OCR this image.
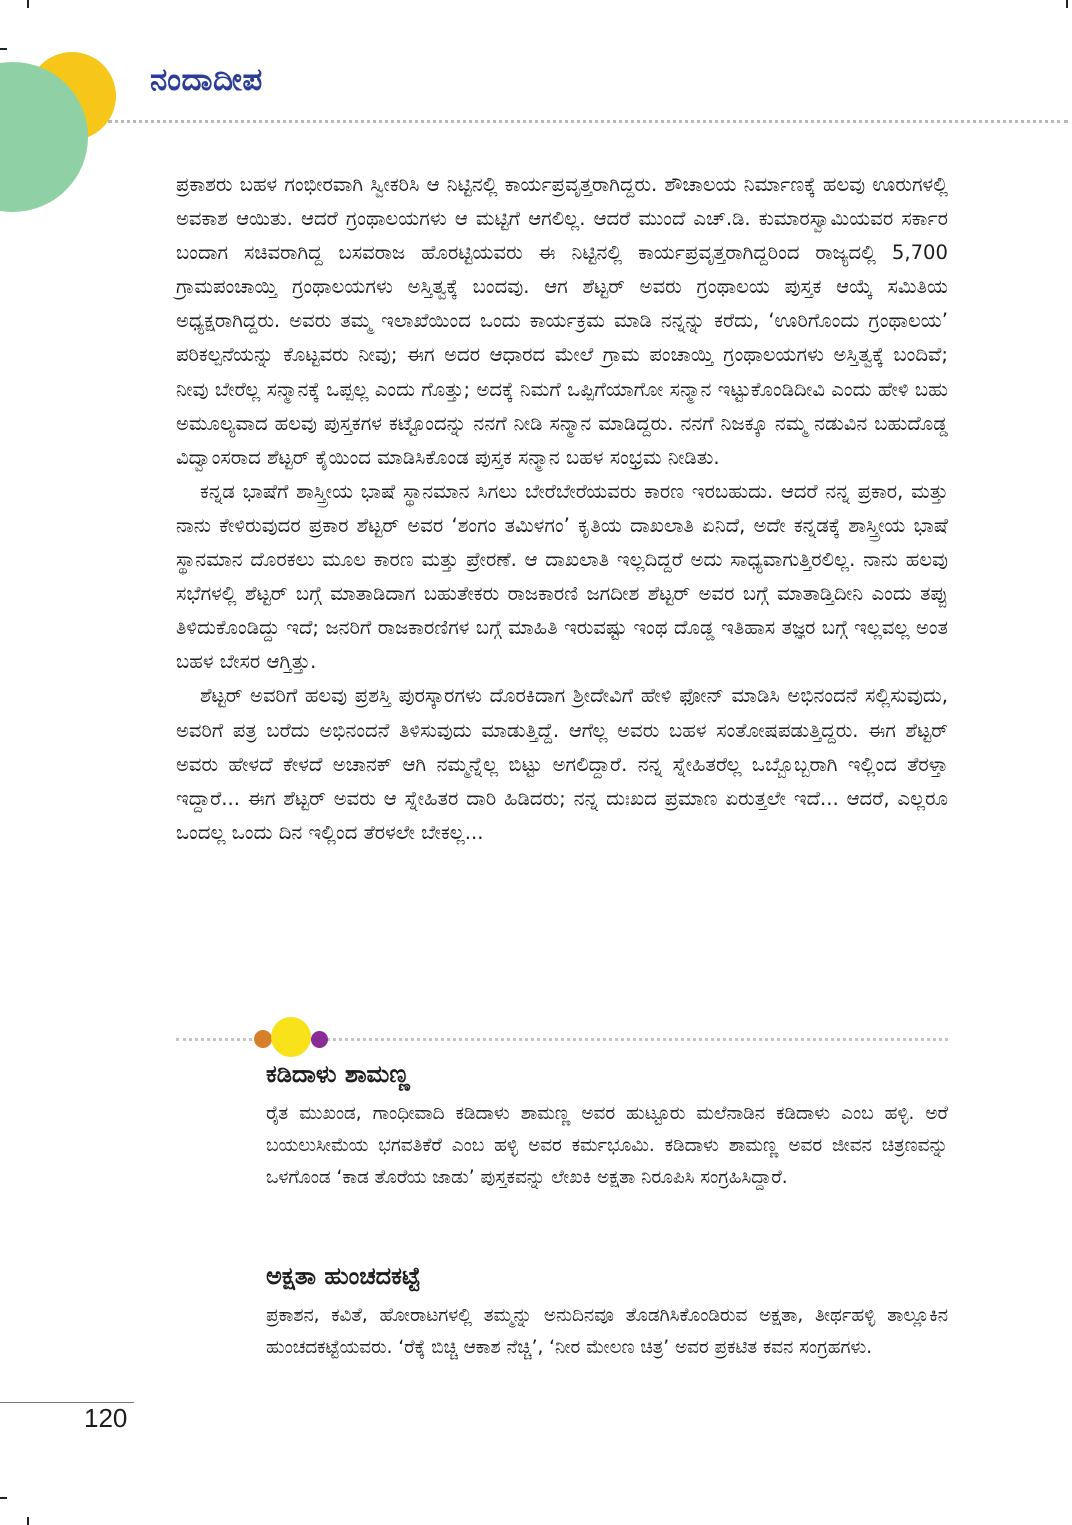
ನಂದಾದೀಪ

ಪ್ರಕಾಶರು ಬಹಳ ಗಂಭೀರವಾಗಿ ಸ್ವೀಕರಿಸಿ ಆ ನಿಟ್ಟಿನಲ್ಲಿ ಕಾರ್ಯಪ್ರವೃತ್ತರಾಗಿದ್ದರು. ಶೌಚಾಲಯ ನಿರ್ಮಾಣಕ್ಕೆ ಹಲವು ಊರುಗಳಲ್ಲಿ ಅವಕಾಶ ಆಯಿತು. ಆದರೆ ಗ್ರಂಥಾಲಯಗಳು ಆ ಮಟ್ಟಿಗೆ ಆಗಲಿಲ್ಲ. ಆದರೆ ಮುಂದೆ ಎಚ್.ಡಿ. ಕುಮಾರಸ್ವಾಮಿಯವರ ಸರ್ಕಾರ ಬಂದಾಗ ಸಚಿವರಾಗಿದ್ದ ಬಸವರಾಜ ಹೊರಟ್ಟಿಯವರು ಈ ನಿಟ್ಟಿನಲ್ಲಿ ಕಾರ್ಯಪ್ರವೃತ್ತರಾಗಿದ್ದರಿಂದ ರಾಜ್ಯದಲ್ಲಿ 5,700 ಗ್ರಾಮಪಂಚಾಯ್ತಿ ಗ್ರಂಥಾಲಯಗಳು ಅಸ್ತಿತ್ವಕ್ಕೆ ಬಂದವು. ಆಗ ಶೆಟ್ಟರ್ ಅವರು ಗ್ರಂಥಾಲಯ ಪುಸ್ತಕ ಆಯ್ಕೆ ಸಮಿತಿಯ ಅಧ್ಯಕ್ಷರಾಗಿದ್ದರು. ಅವರು ತಮ್ಮ ಇಲಾಖೆಯಿಂದ ಒಂದು ಕಾರ್ಯಕ್ರಮ ಮಾಡಿ ನನ್ನನ್ನು ಕರೆದು, ‘ಊರಿಗೊಂದು ಗ್ರಂಥಾಲಯ’ ಪರಿಕಲ್ಪನೆಯನ್ನು ಕೊಟ್ಟವರು ನೀವು; ಈಗ ಅದರ ಆಧಾರದ ಮೇಲೆ ಗ್ರಾಮ ಪಂಚಾಯ್ತಿ ಗ್ರಂಥಾಲಯಗಳು ಅಸ್ತಿತ್ವಕ್ಕೆ ಬಂದಿವೆ; ನೀವು ಬೇರೆಲ್ಲ ಸನ್ಮಾನಕ್ಕೆ ಒಪ್ಪಲ್ಲ ಎಂದು ಗೊತ್ತು; ಅದಕ್ಕೆ ನಿಮಗೆ ಒಪ್ಪಿಗೆಯಾಗೋ ಸನ್ಮಾನ ಇಟ್ಟುಕೊಂಡಿದೀವಿ ಎಂದು ಹೇಳಿ ಬಹು ಅಮೂಲ್ಯವಾದ ಹಲವು ಪುಸ್ತಕಗಳ ಕಟ್ಟೊಂದನ್ನು ನನಗೆ ನೀಡಿ ಸನ್ಮಾನ ಮಾಡಿದ್ದರು. ನನಗೆ ನಿಜಕ್ಕೂ ನಮ್ಮ ನಡುವಿನ ಬಹುದೊಡ್ಡ ವಿದ್ವಾಂಸರಾದ ಶೆಟ್ಟರ್ ಕೈಯಿಂದ ಮಾಡಿಸಿಕೊಂಡ ಪುಸ್ತಕ ಸನ್ಮಾನ ಬಹಳ ಸಂಭ್ರಮ ನೀಡಿತು.

ಕನ್ನಡ ಭಾಷೆಗೆ ಶಾಸ್ತ್ರೀಯ ಭಾಷೆ ಸ್ಥಾನಮಾನ ಸಿಗಲು ಬೇರೆಬೇರೆಯವರು ಕಾರಣ ಇರಬಹುದು. ಆದರೆ ನನ್ನ ಪ್ರಕಾರ, ಮತ್ತು ನಾನು ಕೇಳಿರುವುದರ ಪ್ರಕಾರ ಶೆಟ್ಟರ್ ಅವರ ‘ಶಂಗಂ ತಮಿಳಗಂ’ ಕೃತಿಯ ದಾಖಲಾತಿ ಏನಿದೆ, ಅದೇ ಕನ್ನಡಕ್ಕೆ ಶಾಸ್ತ್ರೀಯ ಭಾಷೆ ಸ್ಥಾನಮಾನ ದೊರಕಲು ಮೂಲ ಕಾರಣ ಮತ್ತು ಪ್ರೇರಣೆ. ಆ ದಾಖಲಾತಿ ಇಲ್ಲದಿದ್ದರೆ ಅದು ಸಾಧ್ಯವಾಗುತ್ತಿರಲಿಲ್ಲ. ನಾನು ಹಲವು ಸಭೆಗಳಲ್ಲಿ ಶೆಟ್ಟರ್ ಬಗ್ಗೆ ಮಾತಾಡಿದಾಗ ಬಹುತೇಕರು ರಾಜಕಾರಣಿ ಜಗದೀಶ ಶೆಟ್ಟರ್ ಅವರ ಬಗ್ಗೆ ಮಾತಾಡ್ತಿದೀನಿ ಎಂದು ತಪ್ಪು ತಿಳಿದುಕೊಂಡಿದ್ದು ಇದೆ; ಜನರಿಗೆ ರಾಜಕಾರಣಿಗಳ ಬಗ್ಗೆ ಮಾಹಿತಿ ಇರುವಷ್ಟು ಇಂಥ ದೊಡ್ಡ ಇತಿಹಾಸ ತಜ್ಞರ ಬಗ್ಗೆ ಇಲ್ಲವಲ್ಲ ಅಂತ ಬಹಳ ಬೇಸರ ಆಗ್ತಿತ್ತು.

ಶೆಟ್ಟರ್ ಅವರಿಗೆ ಹಲವು ಪ್ರಶಸ್ತಿ ಪುರಸ್ಕಾರಗಳು ದೊರಕಿದಾಗ ಶ್ರೀದೇವಿಗೆ ಹೇಳಿ ಫೋನ್ ಮಾಡಿಸಿ ಅಭಿನಂದನೆ ಸಲ್ಲಿಸುವುದು, ಅವರಿಗೆ ಪತ್ರ ಬರೆದು ಅಭಿನಂದನೆ ತಿಳಿಸುವುದು ಮಾಡುತ್ತಿದ್ದೆ. ಆಗೆಲ್ಲ ಅವರು ಬಹಳ ಸಂತೋಷಪಡುತ್ತಿದ್ದರು. ಈಗ ಶೆಟ್ಟರ್ ಅವರು ಹೇಳದೆ ಕೇಳದೆ ಅಚಾನಕ್ ಆಗಿ ನಮ್ಮನ್ನೆಲ್ಲ ಬಿಟ್ಟು ಅಗಲಿದ್ದಾರೆ. ನನ್ನ ಸ್ನೇಹಿತರೆಲ್ಲ ಒಬ್ಬೊಬ್ಬರಾಗಿ ಇಲ್ಲಿಂದ ತೆರಳ್ತಾ ಇದ್ದಾರೆ... ಈಗ ಶೆಟ್ಟರ್ ಅವರು ಆ ಸ್ನೇಹಿತರ ದಾರಿ ಹಿಡಿದರು; ನನ್ನ ದುಃಖದ ಪ್ರಮಾಣ ಏರುತ್ತಲೇ ಇದೆ... ಆದರೆ, ಎಲ್ಲರೂ ಒಂದಲ್ಲ ಒಂದು ದಿನ ಇಲ್ಲಿಂದ ತೆರಳಲೇ ಬೇಕಲ್ಲ...

ಕಡಿದಾಳು ಶಾಮಣ್ಣ

ರೈತ ಮುಖಂಡ, ಗಾಂಧೀವಾದಿ ಕಡಿದಾಳು ಶಾಮಣ್ಣ ಅವರ ಹುಟ್ಟೂರು ಮಲೆನಾಡಿನ ಕಡಿದಾಳು ಎಂಬ ಹಳ್ಳಿ. ಅರೆ ಬಯಲುಸೀಮೆಯ ಭಗವತಿಕೆರೆ ಎಂಬ ಹಳ್ಳಿ ಅವರ ಕರ್ಮಭೂಮಿ. ಕಡಿದಾಳು ಶಾಮಣ್ಣ ಅವರ ಜೀವನ ಚಿತ್ರಣವನ್ನು ಒಳಗೊಂಡ ‘ಕಾಡ ತೊರೆಯ ಜಾಡು’ ಪುಸ್ತಕವನ್ನು ಲೇಖಕಿ ಅಕ್ಷತಾ ನಿರೂಪಿಸಿ ಸಂಗ್ರಹಿಸಿದ್ದಾರೆ.

ಅಕ್ಷತಾ ಹುಂಚದಕಟ್ಟೆ

ಪ್ರಕಾಶನ, ಕವಿತೆ, ಹೋರಾಟಗಳಲ್ಲಿ ತಮ್ಮನ್ನು ಅನುದಿನವೂ ತೊಡಗಿಸಿಕೊಂಡಿರುವ ಅಕ್ಷತಾ, ತೀರ್ಥಹಳ್ಳಿ ತಾಲ್ಲೂಕಿನ ಹುಂಚದಕಟ್ಟೆಯವರು. ‘ರೆಕ್ಕೆ ಬಿಚ್ಚಿ ಆಕಾಶ ನೆಚ್ಚಿ’, ‘ನೀರ ಮೇಲಣ ಚಿತ್ರ’ ಅವರ ಪ್ರಕಟಿತ ಕವನ ಸಂಗ್ರಹಗಳು.

120
